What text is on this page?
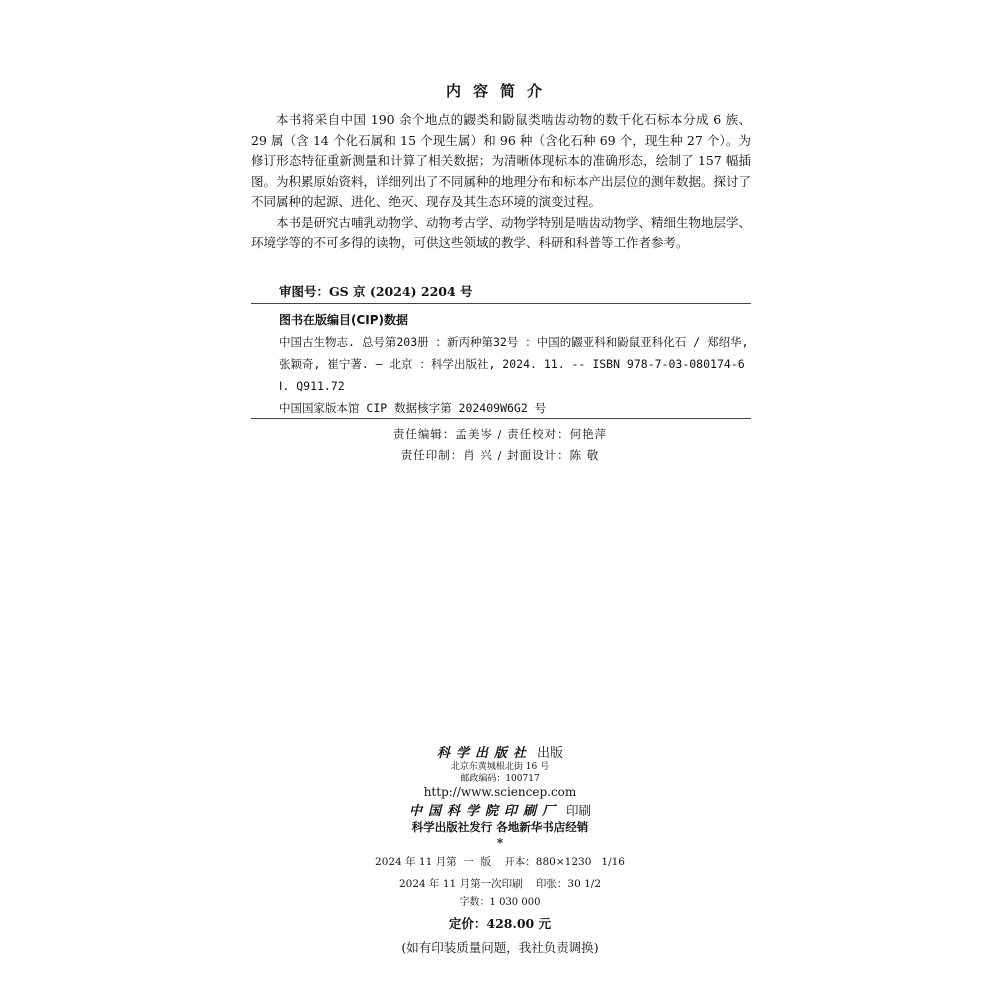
内容简介

本书将采自中国 190 余个地点的鼹类和鼢鼠类啮齿动物的数千化石标本分成 6 族、29 属（含 14 个化石属和 15 个现生属）和 96 种（含化石种 69 个，现生种 27 个）。为修订形态特征重新测量和计算了相关数据；为清晰体现标本的准确形态，绘制了 157 幅插图。为积累原始资料，详细列出了不同属种的地理分布和标本产出层位的测年数据。探讨了不同属种的起源、进化、绝灭、现存及其生态环境的演变过程。

本书是研究古哺乳动物学、动物考古学、动物学特别是啮齿动物学、精细生物地层学、环境学等的不可多得的读物，可供这些领域的教学、科研和科普等工作者参考。

审图号：GS 京 (2024) 2204 号
图书在版编目(CIP)数据
中国古生物志. 总号第203册 ：新丙种第32号 ：中国的鼹亚科和鼢鼠亚科化石 / 郑绍华, 张颖奇, 崔宁著. — 北京 ：科学出版社, 2024. 11. -- ISBN 978-7-03-080174-6
Ⅰ. Q911.72
中国国家版本馆 CIP 数据核字第 202409W6G2 号
责任编辑：孟美岑 / 责任校对：何艳萍
责任印制：肖 兴 / 封面设计：陈 敬
科学出版社 出版
北京东黄城根北街 16 号
邮政编码：100717
http://www.sciencep.com
中国科学院印刷厂 印刷
科学出版社发行 各地新华书店经销
*
2024 年 11 月第  一  版    开本：880×1230   1/16
2024 年 11 月第一次印刷    印张：30 1/2
字数：1 030 000
定价：428.00 元
(如有印装质量问题，我社负责调换)
